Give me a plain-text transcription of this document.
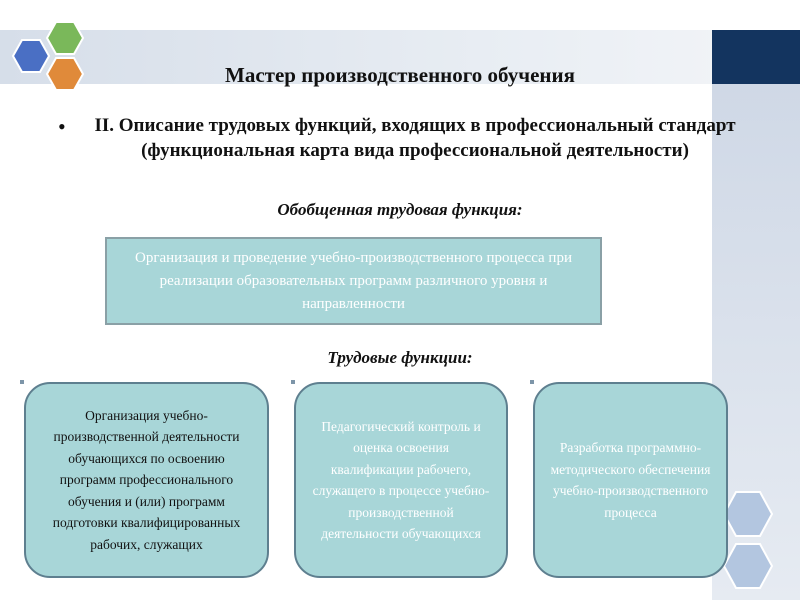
Мастер производственного обучения
•	II. Описание трудовых функций, входящих в профессиональный стандарт (функциональная карта вида профессиональной деятельности)
Обобщенная трудовая функция:
Организация и проведение учебно-производственного процесса при реализации образовательных программ различного уровня и направленности
Трудовые функции:
Организация учебно-производственной деятельности обучающихся по освоению программ профессионального обучения и (или) программ подготовки квалифицированных рабочих, служащих
Педагогический контроль и оценка освоения квалификации рабочего, служащего в процессе учебно-производственной деятельности обучающихся
Разработка программно-методического обеспечения учебно-производственного процесса
